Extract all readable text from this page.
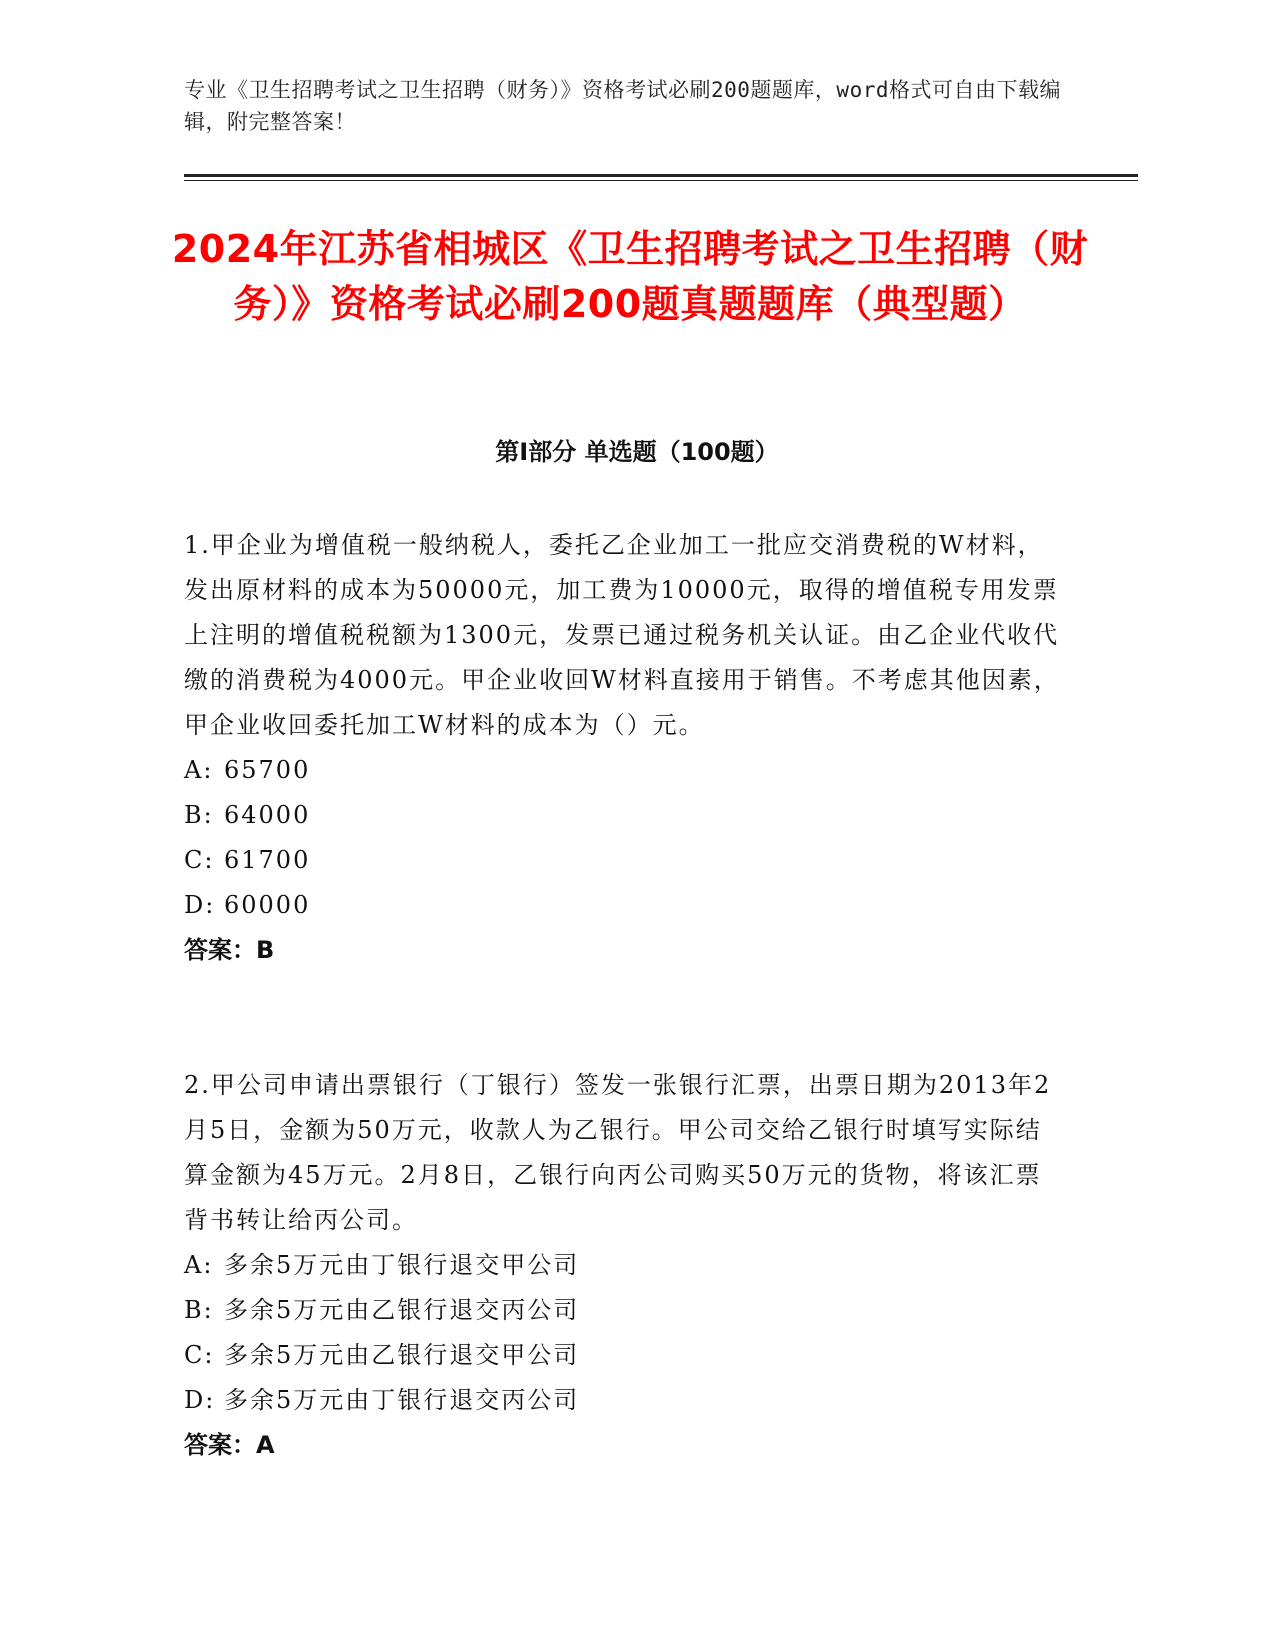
专业《卫生招聘考试之卫生招聘（财务）》资格考试必刷200题题库，word格式可自由下载编辑，附完整答案！
2024年江苏省相城区《卫生招聘考试之卫生招聘（财务）》资格考试必刷200题真题题库（典型题）
第Ⅰ部分 单选题（100题）

1.甲企业为增值税一般纳税人，委托乙企业加工一批应交消费税的W材料，发出原材料的成本为50000元，加工费为10000元，取得的增值税专用发票上注明的增值税税额为1300元，发票已通过税务机关认证。由乙企业代收代缴的消费税为4000元。甲企业收回W材料直接用于销售。不考虑其他因素，甲企业收回委托加工W材料的成本为（）元。

A: 65700

B: 64000

C: 61700

D: 60000

答案：B

2.甲公司申请出票银行（丁银行）签发一张银行汇票，出票日期为2013年2月5日，金额为50万元，收款人为乙银行。甲公司交给乙银行时填写实际结算金额为45万元。2月8日，乙银行向丙公司购买50万元的货物，将该汇票背书转让给丙公司。

A: 多余5万元由丁银行退交甲公司

B: 多余5万元由乙银行退交丙公司

C: 多余5万元由乙银行退交甲公司

D: 多余5万元由丁银行退交丙公司

答案：A
